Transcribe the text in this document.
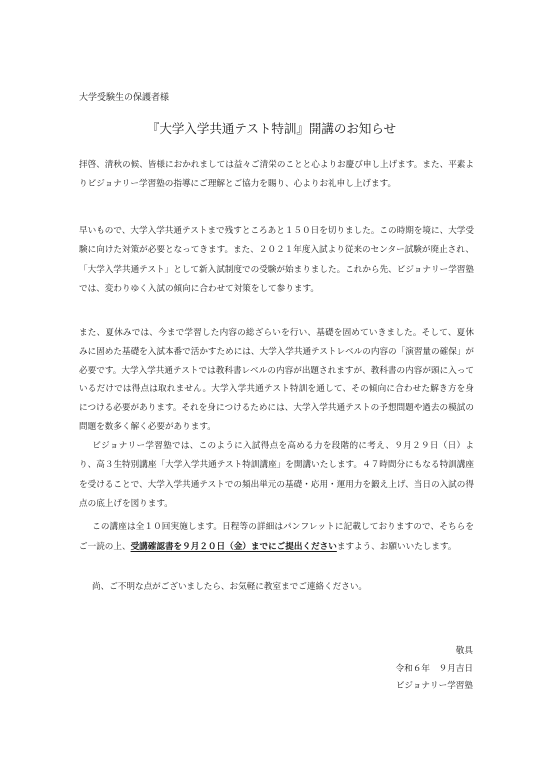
大学受験生の保護者様
『大学入学共通テスト特訓』開講のお知らせ

拝啓、清秋の候、皆様におかれましては益々ご清栄のことと心よりお慶び申し上げます。また、平素よりビジョナリー学習塾の指導にご理解とご協力を賜り、心よりお礼申し上げます。

早いもので、大学入学共通テストまで残すところあと１５０日を切りました。この時期を境に、大学受験に向けた対策が必要となってきます。また、２０２１年度入試より従来のセンター試験が廃止され、「大学入学共通テスト」として新入試制度での受験が始まりました。これから先、ビジョナリー学習塾では、変わりゆく入試の傾向に合わせて対策をして参ります。

また、夏休みでは、今まで学習した内容の総ざらいを行い、基礎を固めていきました。そして、夏休みに固めた基礎を入試本番で活かすためには、大学入学共通テストレベルの内容の「演習量の確保」が必要です。大学入学共通テストでは教科書レベルの内容が出題されますが、教科書の内容が頭に入っているだけでは得点は取れません。大学入学共通テスト特訓を通して、その傾向に合わせた解き方を身につける必要があります。それを身につけるためには、大学入学共通テストの予想問題や過去の模試の問題を数多く解く必要があります。

ビジョナリー学習塾では、このように入試得点を高める力を段階的に考え、９月２９日（日）より、高３生特別講座「大学入学共通テスト特訓講座」を開講いたします。４７時間分にもなる特訓講座を受けることで、大学入学共通テストでの頻出単元の基礎・応用・運用力を鍛え上げ、当日の入試の得点の底上げを図ります。

この講座は全１０回実施します。日程等の詳細はパンフレットに記載しておりますので、そちらをご一読の上、受講確認書を９月２０日（金）までにご提出くださいますよう、お願いいたします。

尚、ご不明な点がございましたら、お気軽に教室までご連絡ください。

敬具
令和６年　９月吉日
ビジョナリー学習塾
